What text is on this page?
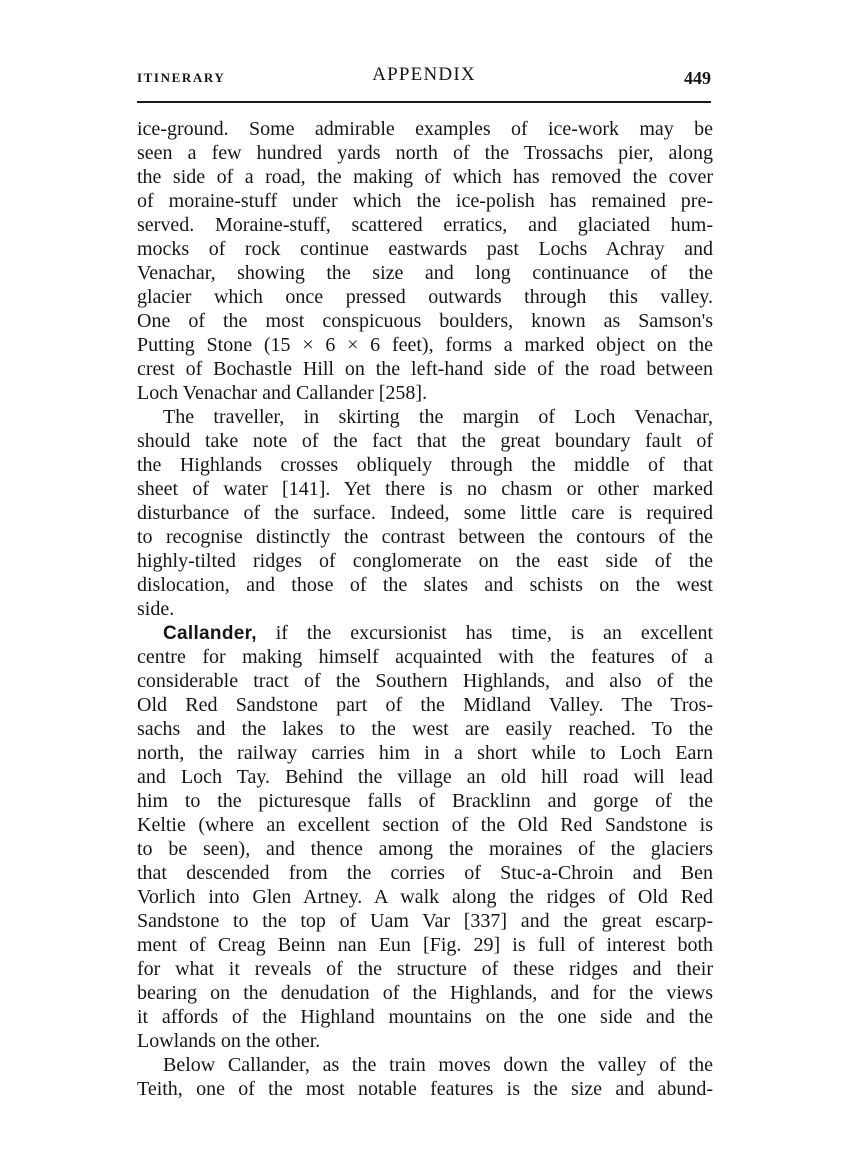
ITINERARY	APPENDIX	449
ice-ground. Some admirable examples of ice-work may be
seen a few hundred yards north of the Trossachs pier, along
the side of a road, the making of which has removed the cover
of moraine-stuff under which the ice-polish has remained pre-
served. Moraine-stuff, scattered erratics, and glaciated hum-
mocks of rock continue eastwards past Lochs Achray and
Venachar, showing the size and long continuance of the
glacier which once pressed outwards through this valley.
One of the most conspicuous boulders, known as Samson's
Putting Stone (15 × 6 × 6 feet), forms a marked object on the
crest of Bochastle Hill on the left-hand side of the road between
Loch Venachar and Callander [258].
The traveller, in skirting the margin of Loch Venachar,
should take note of the fact that the great boundary fault of
the Highlands crosses obliquely through the middle of that
sheet of water [141]. Yet there is no chasm or other marked
disturbance of the surface. Indeed, some little care is required
to recognise distinctly the contrast between the contours of the
highly-tilted ridges of conglomerate on the east side of the
dislocation, and those of the slates and schists on the west
side.
Callander, if the excursionist has time, is an excellent
centre for making himself acquainted with the features of a
considerable tract of the Southern Highlands, and also of the
Old Red Sandstone part of the Midland Valley. The Tros-
sachs and the lakes to the west are easily reached. To the
north, the railway carries him in a short while to Loch Earn
and Loch Tay. Behind the village an old hill road will lead
him to the picturesque falls of Bracklinn and gorge of the
Keltie (where an excellent section of the Old Red Sandstone is
to be seen), and thence among the moraines of the glaciers
that descended from the corries of Stuc-a-Chroin and Ben
Vorlich into Glen Artney. A walk along the ridges of Old Red
Sandstone to the top of Uam Var [337] and the great escarp-
ment of Creag Beinn nan Eun [Fig. 29] is full of interest both
for what it reveals of the structure of these ridges and their
bearing on the denudation of the Highlands, and for the views
it affords of the Highland mountains on the one side and the
Lowlands on the other.
Below Callander, as the train moves down the valley of the
Teith, one of the most notable features is the size and abund-
